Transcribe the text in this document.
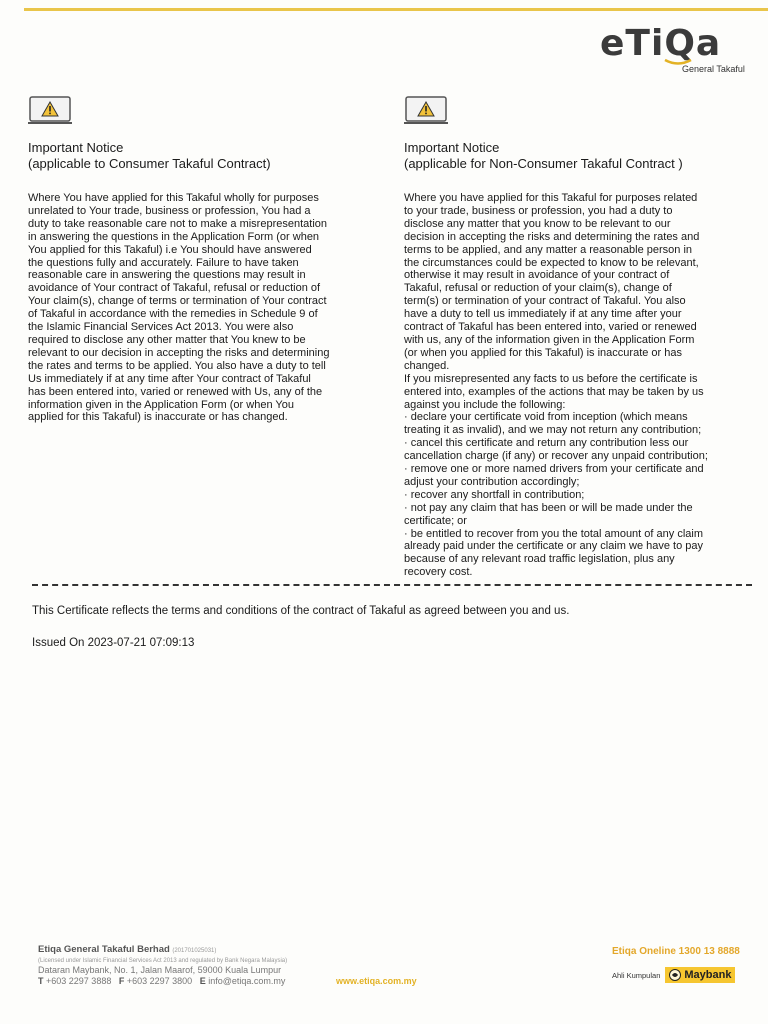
eTiQa
General Takaful
Important Notice
(applicable to Consumer Takaful Contract)
Where You have applied for this Takaful wholly for purposes
unrelated to Your trade, business or profession, You had a
duty to take reasonable care not to make a misrepresentation
in answering the questions in the Application Form (or when
You applied for this Takaful) i.e You should have answered
the questions fully and accurately. Failure to have taken
reasonable care in answering the questions may result in
avoidance of Your contract of Takaful, refusal or reduction of
Your claim(s), change of terms or termination of Your contract
of Takaful in accordance with the remedies in Schedule 9 of
the Islamic Financial Services Act 2013. You were also
required to disclose any other matter that You knew to be
relevant to our decision in accepting the risks and determining
the rates and terms to be applied. You also have a duty to tell
Us immediately if at any time after Your contract of Takaful
has been entered into, varied or renewed with Us, any of the
information given in the Application Form (or when You
applied for this Takaful) is inaccurate or has changed.
Important Notice
(applicable for Non-Consumer Takaful Contract )
Where you have applied for this Takaful for purposes related
to your trade, business or profession, you had a duty to
disclose any matter that you know to be relevant to our
decision in accepting the risks and determining the rates and
terms to be applied, and any matter a reasonable person in
the circumstances could be expected to know to be relevant,
otherwise it may result in avoidance of your contract of
Takaful, refusal or reduction of your claim(s), change of
term(s) or termination of your contract of Takaful. You also
have a duty to tell us immediately if at any time after your
contract of Takaful has been entered into, varied or renewed
with us, any of the information given in the Application Form
(or when you applied for this Takaful) is inaccurate or has
changed.
If you misrepresented any facts to us before the certificate is
entered into, examples of the actions that may be taken by us
against you include the following:
· declare your certificate void from inception (which means
treating it as invalid), and we may not return any contribution;
· cancel this certificate and return any contribution less our
cancellation charge (if any) or recover any unpaid contribution;
· remove one or more named drivers from your certificate and
adjust your contribution accordingly;
· recover any shortfall in contribution;
· not pay any claim that has been or will be made under the
certificate; or
· be entitled to recover from you the total amount of any claim
already paid under the certificate or any claim we have to pay
because of any relevant road traffic legislation, plus any
recovery cost.
This Certificate reflects the terms and conditions of the contract of Takaful as agreed between you and us.
Issued On 2023-07-21 07:09:13
Etiqa General Takaful Berhad (201701025031)
(Licensed under Islamic Financial Services Act 2013 and regulated by Bank Negara Malaysia)
Dataran Maybank, No. 1, Jalan Maarof, 59000 Kuala Lumpur
T +603 2297 3888 F +603 2297 3800 E info@etiqa.com.my	www.etiqa.com.my
Etiqa Oneline 1300 13 8888
Ahli Kumpulan Maybank
